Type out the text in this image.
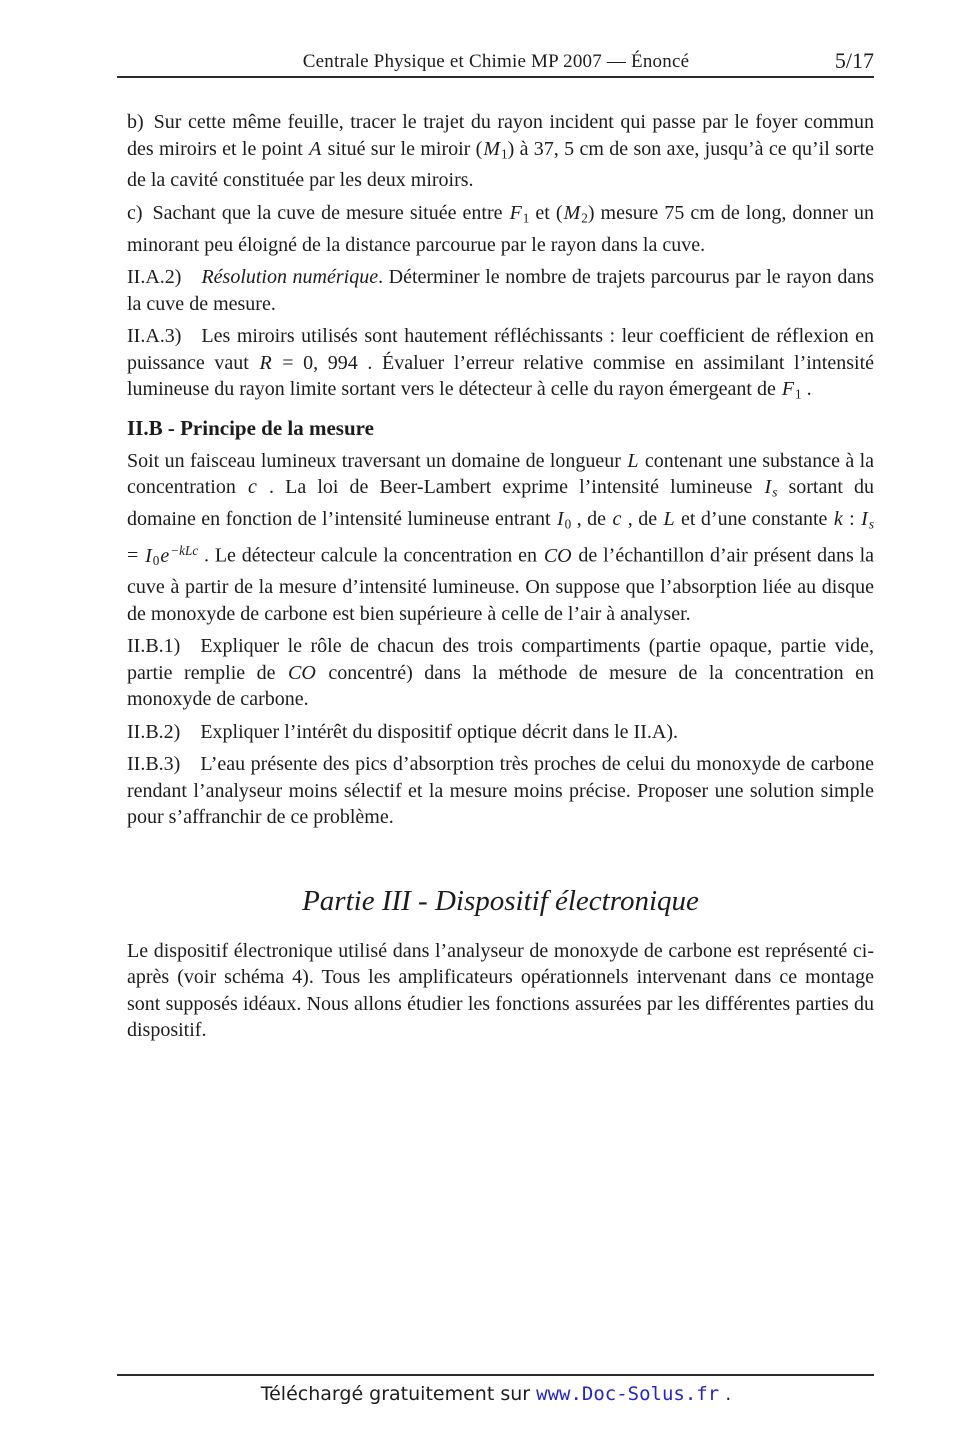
Centrale Physique et Chimie MP 2007 — Énoncé	5/17

b) Sur cette même feuille, tracer le trajet du rayon incident qui passe par le foyer commun des miroirs et le point A situé sur le miroir (M1) à 37, 5 cm de son axe, jusqu’à ce qu’il sorte de la cavité constituée par les deux miroirs.

c) Sachant que la cuve de mesure située entre F1 et (M2) mesure 75 cm de long, donner un minorant peu éloigné de la distance parcourue par le rayon dans la cuve.

II.A.2) Résolution numérique. Déterminer le nombre de trajets parcourus par le rayon dans la cuve de mesure.

II.A.3) Les miroirs utilisés sont hautement réfléchissants : leur coefficient de réflexion en puissance vaut R = 0, 994 . Évaluer l’erreur relative commise en assimilant l’intensité lumineuse du rayon limite sortant vers le détecteur à celle du rayon émergeant de F1 .

II.B - Principe de la mesure

Soit un faisceau lumineux traversant un domaine de longueur L contenant une substance à la concentration c . La loi de Beer-Lambert exprime l’intensité lumineuse Is sortant du domaine en fonction de l’intensité lumineuse entrant I0 , de c , de L et d’une constante k : $Is = I0e^{-kLc}$ . Le détecteur calcule la concentration en CO de l’échantillon d’air présent dans la cuve à partir de la mesure d’intensité lumineuse. On suppose que l’absorption liée au disque de monoxyde de carbone est bien supérieure à celle de l’air à analyser.

II.B.1) Expliquer le rôle de chacun des trois compartiments (partie opaque, partie vide, partie remplie de CO concentré) dans la méthode de mesure de la concentration en monoxyde de carbone.

II.B.2) Expliquer l’intérêt du dispositif optique décrit dans le II.A).

II.B.3) L’eau présente des pics d’absorption très proches de celui du monoxyde de carbone rendant l’analyseur moins sélectif et la mesure moins précise. Proposer une solution simple pour s’affranchir de ce problème.

Partie III - Dispositif électronique

Le dispositif électronique utilisé dans l’analyseur de monoxyde de carbone est représenté ci-après (voir schéma 4). Tous les amplificateurs opérationnels intervenant dans ce montage sont supposés idéaux. Nous allons étudier les fonctions assurées par les différentes parties du dispositif.

Téléchargé gratuitement sur www.Doc-Solus.fr .
